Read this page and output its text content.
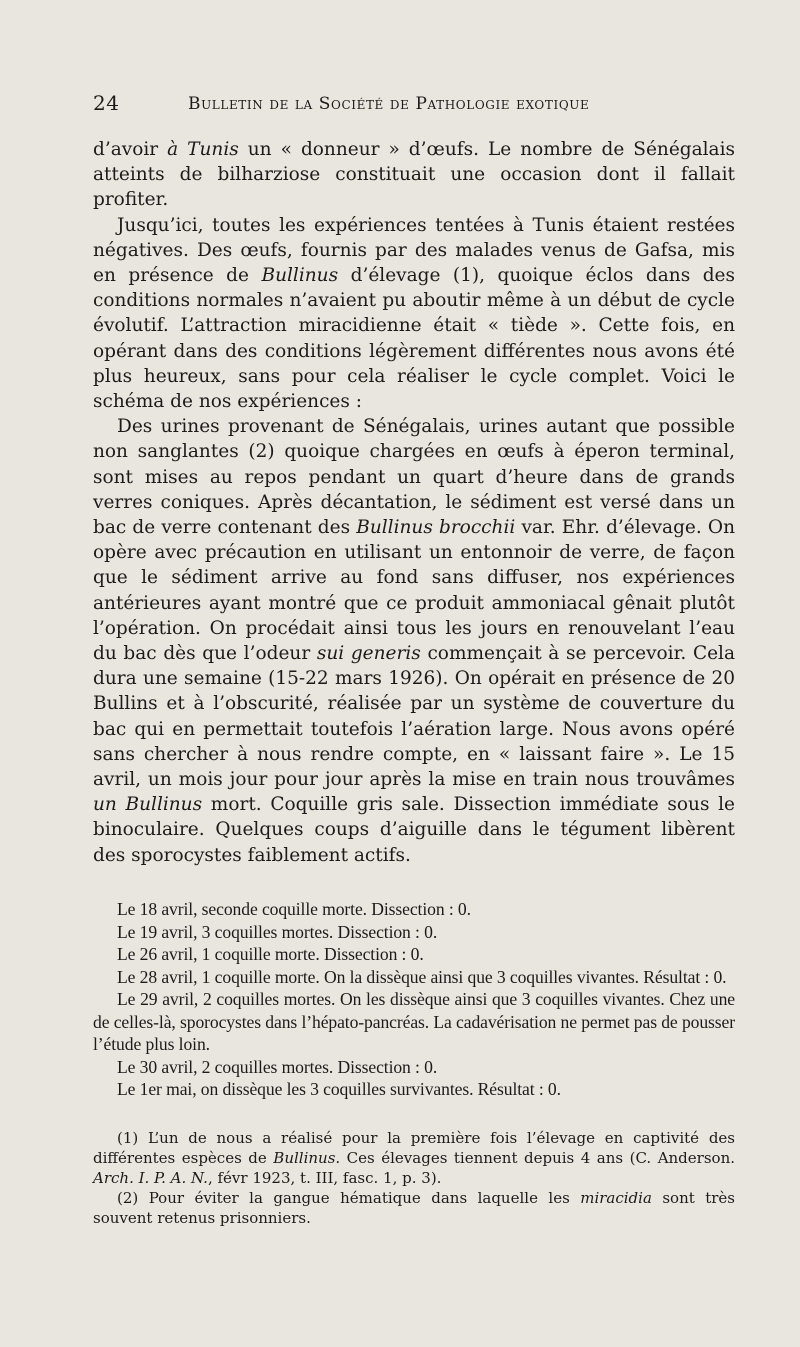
24	Bulletin de la Société de Pathologie exotique

d’avoir à Tunis un « donneur » d’œufs. Le nombre de Sénégalais atteints de bilharziose constituait une occasion dont il fallait profiter.

Jusqu’ici, toutes les expériences tentées à Tunis étaient restées négatives. Des œufs, fournis par des malades venus de Gafsa, mis en présence de Bullinus d’élevage (1), quoique éclos dans des conditions normales n’avaient pu aboutir même à un début de cycle évolutif. L’attraction miracidienne était « tiède ». Cette fois, en opérant dans des conditions légèrement différentes nous avons été plus heureux, sans pour cela réaliser le cycle complet. Voici le schéma de nos expériences :

Des urines provenant de Sénégalais, urines autant que possible non sanglantes (2) quoique chargées en œufs à éperon terminal, sont mises au repos pendant un quart d’heure dans de grands verres coniques. Après décantation, le sédiment est versé dans un bac de verre contenant des Bullinus brocchii var. Ehr. d’élevage. On opère avec précaution en utilisant un entonnoir de verre, de façon que le sédiment arrive au fond sans diffuser, nos expériences antérieures ayant montré que ce produit ammoniacal gênait plutôt l’opération. On procédait ainsi tous les jours en renouvelant l’eau du bac dès que l’odeur sui generis commençait à se percevoir. Cela dura une semaine (15-22 mars 1926). On opérait en présence de 20 Bullins et à l’obscurité, réalisée par un système de couverture du bac qui en permettait toutefois l’aération large. Nous avons opéré sans chercher à nous rendre compte, en « laissant faire ». Le 15 avril, un mois jour pour jour après la mise en train nous trouvâmes un Bullinus mort. Coquille gris sale. Dissection immédiate sous le binoculaire. Quelques coups d’aiguille dans le tégument libèrent des sporocystes faiblement actifs.

Le 18 avril, seconde coquille morte. Dissection : 0.

Le 19 avril, 3 coquilles mortes. Dissection : 0.

Le 26 avril, 1 coquille morte. Dissection : 0.

Le 28 avril, 1 coquille morte. On la dissèque ainsi que 3 coquilles vivantes. Résultat : 0.

Le 29 avril, 2 coquilles mortes. On les dissèque ainsi que 3 coquilles vivantes. Chez une de celles-là, sporocystes dans l’hépato-pancréas. La cadavérisation ne permet pas de pousser l’étude plus loin.

Le 30 avril, 2 coquilles mortes. Dissection : 0.

Le 1er mai, on dissèque les 3 coquilles survivantes. Résultat : 0.

(1) L’un de nous a réalisé pour la première fois l’élevage en captivité des différentes espèces de Bullinus. Ces élevages tiennent depuis 4 ans (C. Anderson. Arch. I. P. A. N., févr 1923, t. III, fasc. 1, p. 3).

(2) Pour éviter la gangue hématique dans laquelle les miracidia sont très souvent retenus prisonniers.
